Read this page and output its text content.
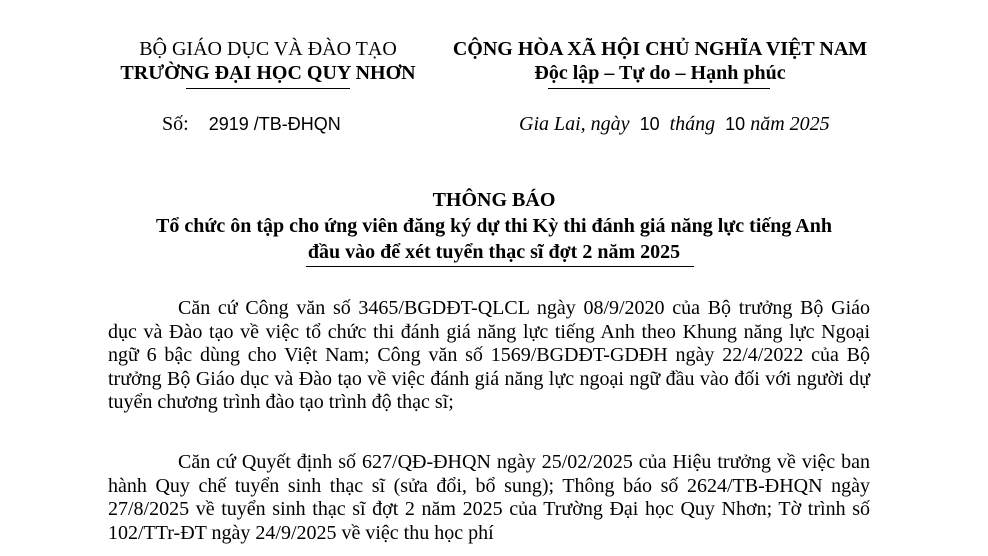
BỘ GIÁO DỤC VÀ ĐÀO TẠO
TRƯỜNG ĐẠI HỌC QUY NHƠN
CỘNG HÒA XÃ HỘI CHỦ NGHĨA VIỆT NAM
Độc lập – Tự do – Hạnh phúc
Số: 2919 /TB-ĐHQN	Gia Lai, ngày 10 tháng 10 năm 2025
THÔNG BÁO
Tổ chức ôn tập cho ứng viên đăng ký dự thi Kỳ thi đánh giá năng lực tiếng Anh
đầu vào để xét tuyển thạc sĩ đợt 2 năm 2025
Căn cứ Công văn số 3465/BGDĐT-QLCL ngày 08/9/2020 của Bộ trưởng Bộ Giáo dục và Đào tạo về việc tổ chức thi đánh giá năng lực tiếng Anh theo Khung năng lực Ngoại ngữ 6 bậc dùng cho Việt Nam; Công văn số 1569/BGDĐT-GDĐH ngày 22/4/2022 của Bộ trưởng Bộ Giáo dục và Đào tạo về việc đánh giá năng lực ngoại ngữ đầu vào đối với người dự tuyển chương trình đào tạo trình độ thạc sĩ;
Căn cứ Quyết định số 627/QĐ-ĐHQN ngày 25/02/2025 của Hiệu trưởng về việc ban hành Quy chế tuyển sinh thạc sĩ (sửa đổi, bổ sung); Thông báo số 2624/TB-ĐHQN ngày 27/8/2025 về tuyển sinh thạc sĩ đợt 2 năm 2025 của Trường Đại học Quy Nhơn; Tờ trình số 102/TTr-ĐT ngày 24/9/2025 về việc thu học phí
